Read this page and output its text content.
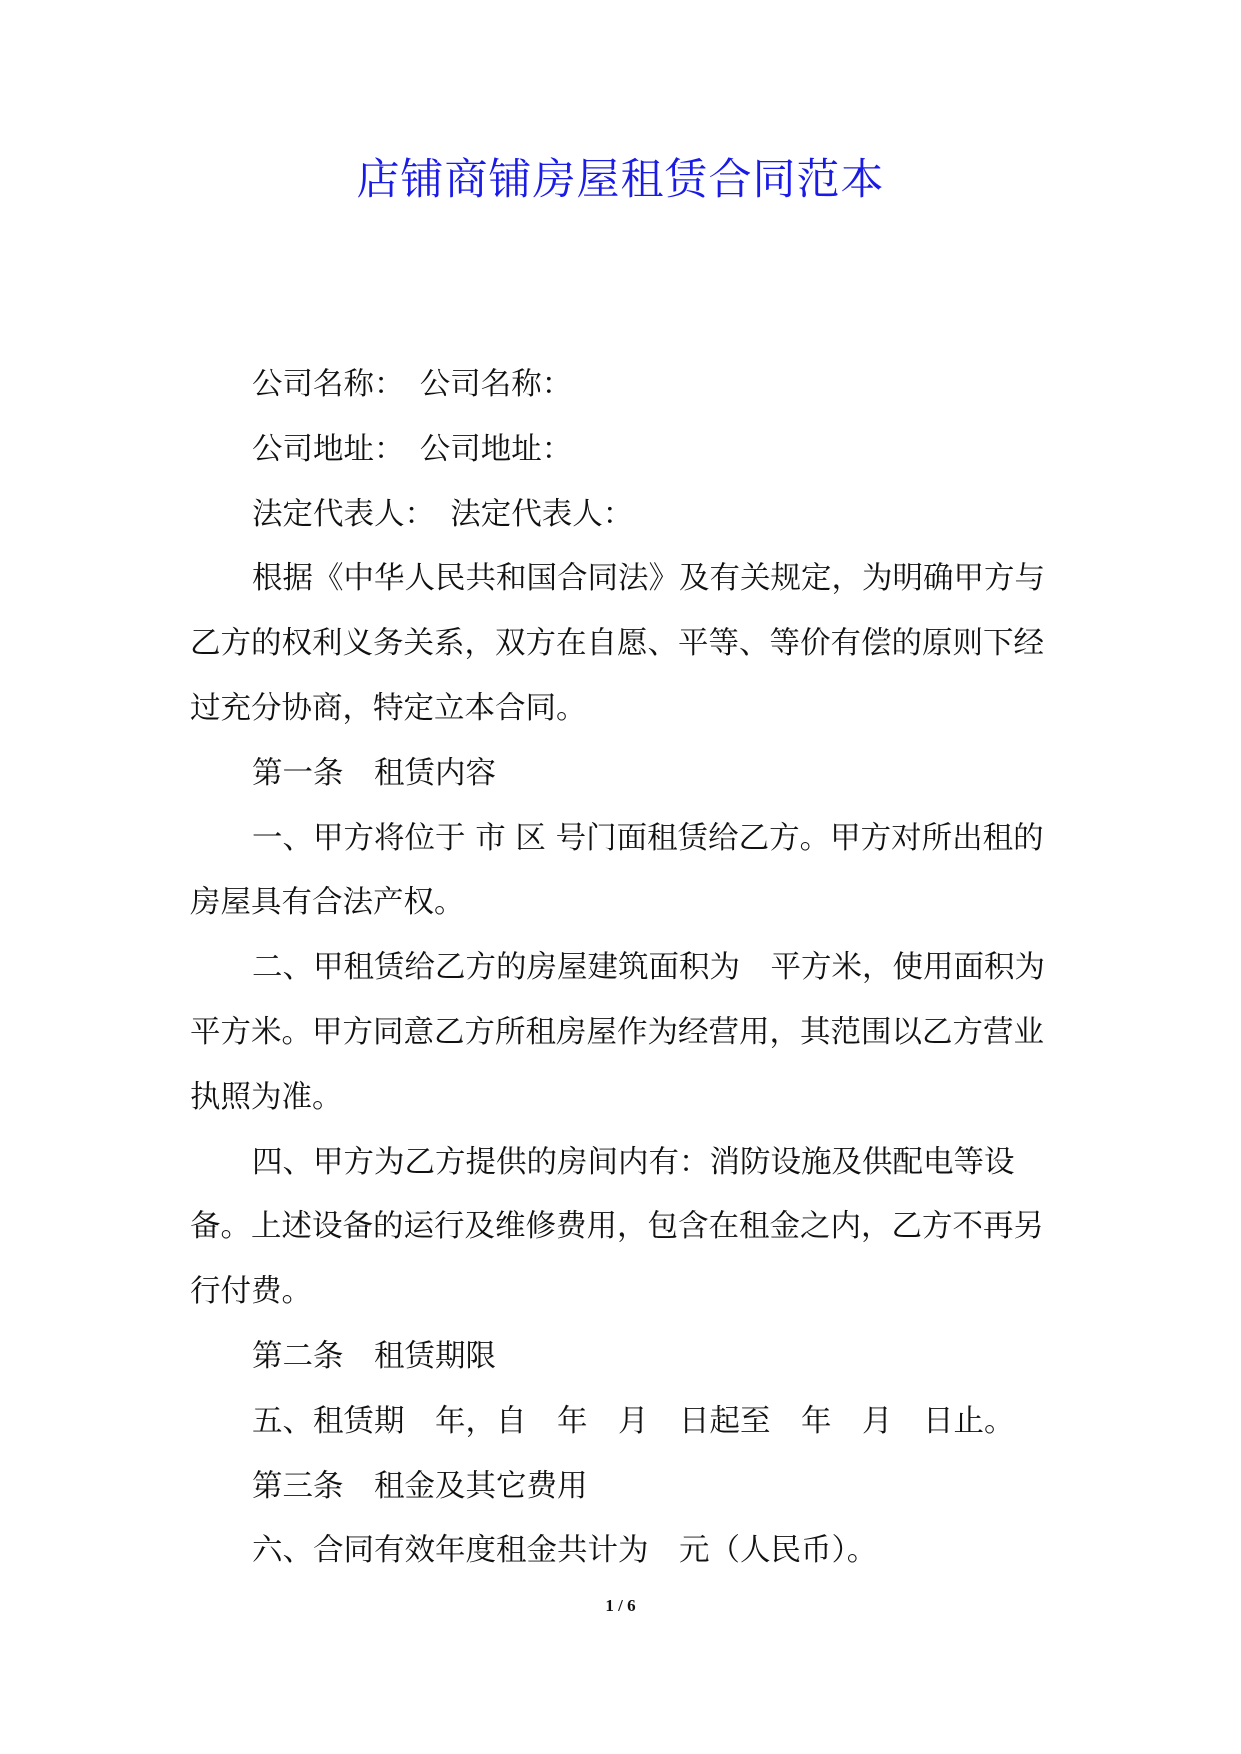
店铺商铺房屋租赁合同范本

公司名称：　公司名称：

公司地址：　公司地址：

法定代表人：　法定代表人：

根据《中华人民共和国合同法》及有关规定，为明确甲方与乙方的权利义务关系，双方在自愿、平等、等价有偿的原则下经过充分协商，特定立本合同。

第一条　租赁内容

一、甲方将位于 市 区 号门面租赁给乙方。甲方对所出租的房屋具有合法产权。

二、甲租赁给乙方的房屋建筑面积为　平方米，使用面积为　平方米。甲方同意乙方所租房屋作为经营用，其范围以乙方营业执照为准。

四、甲方为乙方提供的房间内有：消防设施及供配电等设备。上述设备的运行及维修费用，包含在租金之内，乙方不再另行付费。

第二条　租赁期限

五、租赁期　年，自　年　月　日起至　年　月　日止。

第三条　租金及其它费用

六、合同有效年度租金共计为　元（人民币）。

1 / 6
